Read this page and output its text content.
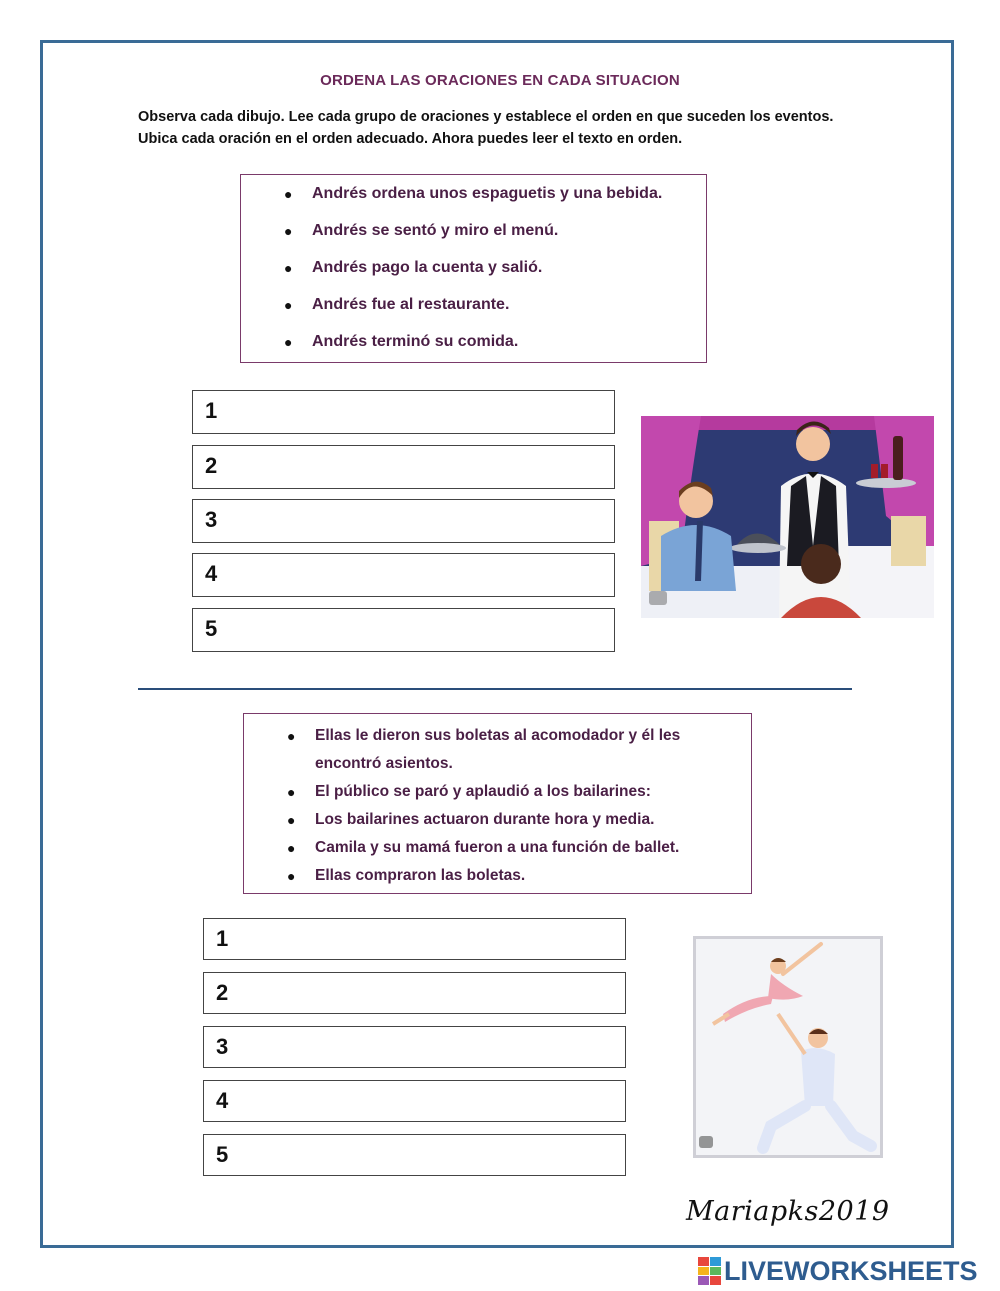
ORDENA LAS ORACIONES EN CADA SITUACION
Observa cada dibujo. Lee cada grupo de oraciones y establece el orden en que suceden los eventos. Ubica cada oración en el orden adecuado. Ahora puedes leer el texto en orden.
● Andrés ordena unos espaguetis y una bebida.
● Andrés se sentó y miro el menú.
● Andrés pago la cuenta y salió.
● Andrés fue al restaurante.
● Andrés terminó su comida.
1
2
3
4
5
● Ellas le dieron sus boletas al acomodador y él les encontró asientos.
● El público se paró y aplaudió a los bailarines:
● Los bailarines actuaron durante hora y media.
● Camila y su mamá fueron a una función de ballet.
● Ellas compraron las boletas.
1
2
3
4
5
Mariapks2019
LIVEWORKSHEETS
